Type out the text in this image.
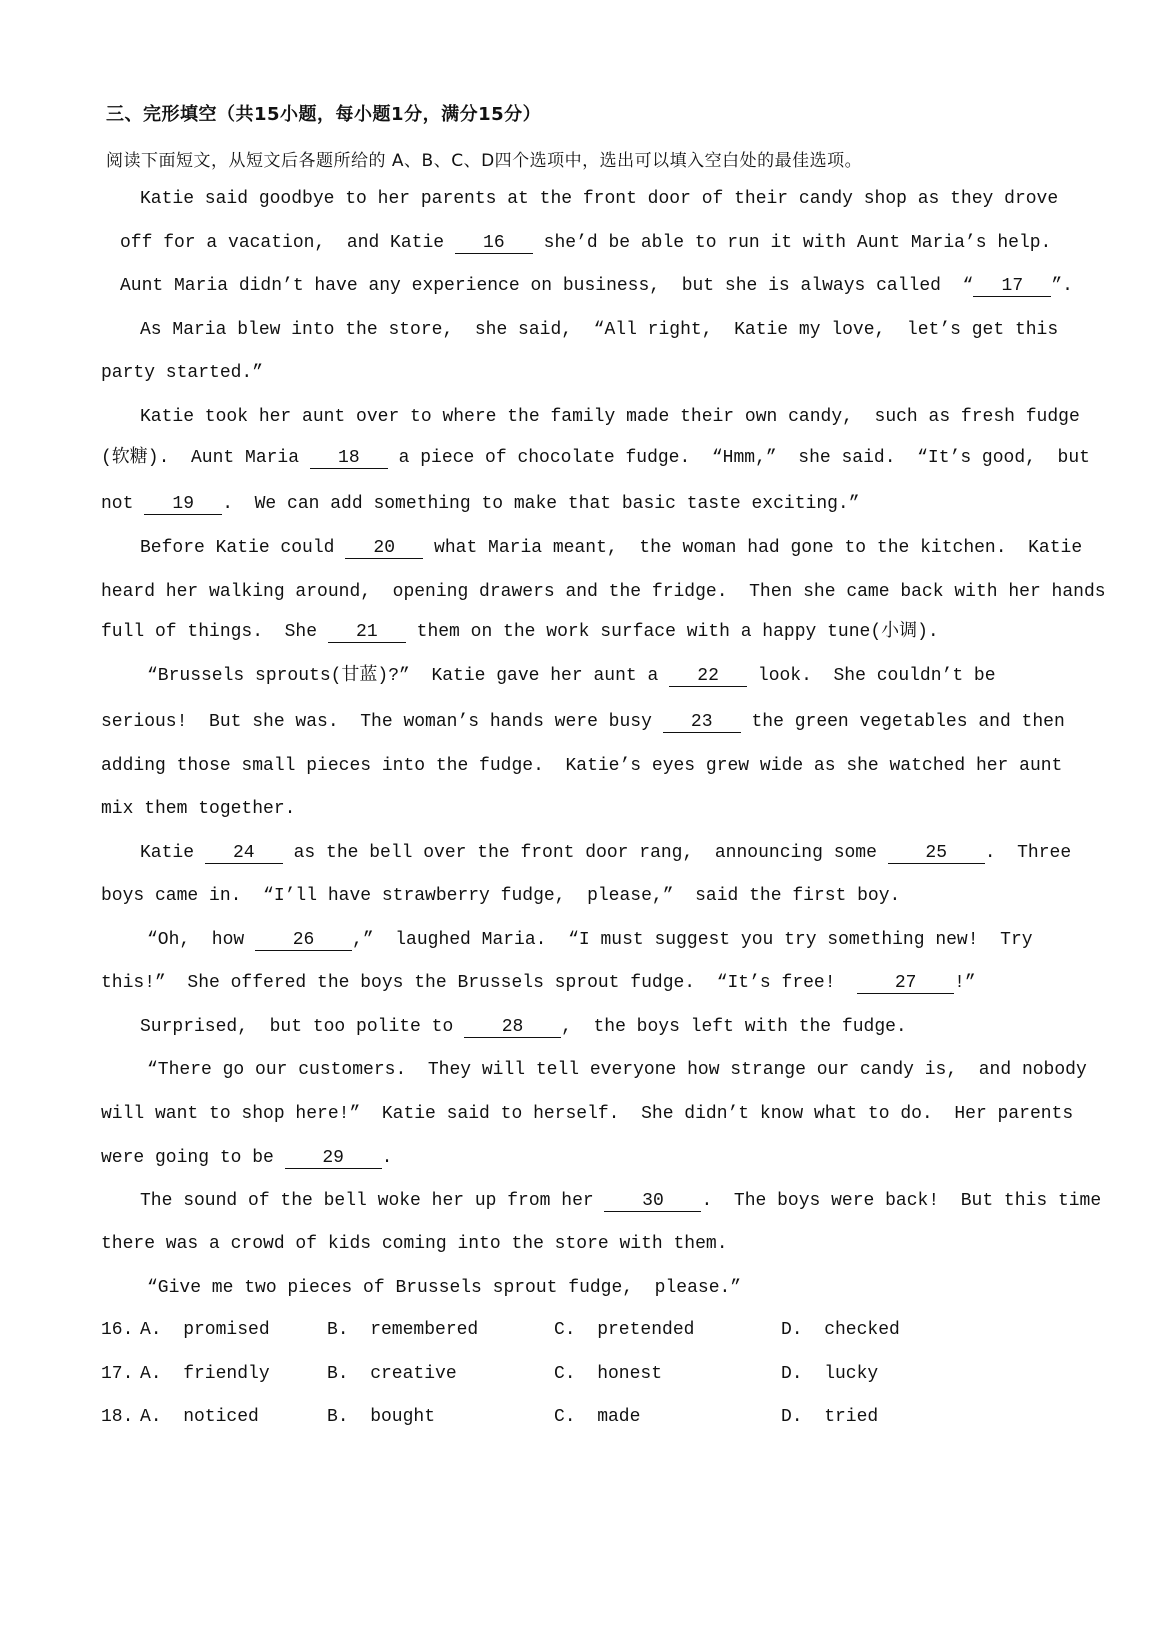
三、完形填空（共15小题，每小题1分，满分15分）
阅读下面短文，从短文后各题所给的 A、B、C、D四个选项中，选出可以填入空白处的最佳选项。
Katie said goodbye to her parents at the front door of their candy shop as they drove
off for a vacation,  and Katie 16 she’d be able to run it with Aunt Maria’s help.
Aunt Maria didn’t have any experience on business,  but she is always called  “ 17 ”.
As Maria blew into the store,  she said,  “All right,  Katie my love,  let’s get this
party started.”
Katie took her aunt over to where the family made their own candy,  such as fresh fudge
(软糖).  Aunt Maria 18 a piece of chocolate fudge.  “Hmm,”  she said.  “It’s good,  but
not 19 .  We can add something to make that basic taste exciting.”
Before Katie could 20 what Maria meant,  the woman had gone to the kitchen.  Katie
heard her walking around,  opening drawers and the fridge.  Then she came back with her hands
full of things.  She 21 them on the work surface with a happy tune(小调).
“Brussels sprouts(甘蓝)?”  Katie gave her aunt a 22 look.  She couldn’t be
serious!  But she was.  The woman’s hands were busy 23 the green vegetables and then
adding those small pieces into the fudge.  Katie’s eyes grew wide as she watched her aunt
mix them together.
Katie 24 as the bell over the front door rang,  announcing some 25 .  Three
boys came in.  “I’ll have strawberry fudge,  please,”  said the first boy.
“Oh,  how 26 ,”  laughed Maria.  “I must suggest you try something new!  Try
this!”  She offered the boys the Brussels sprout fudge.  “It’s free!  27 !”
Surprised,  but too polite to 28 ,  the boys left with the fudge.
“There go our customers.  They will tell everyone how strange our candy is,  and nobody
will want to shop here!”  Katie said to herself.  She didn’t know what to do.  Her parents
were going to be 29 .
The sound of the bell woke her up from her 30 .  The boys were back!  But this time
there was a crowd of kids coming into the store with them.
“Give me two pieces of Brussels sprout fudge,  please.”
16. A.  promised	B.  remembered	C.  pretended	D.  checked
17. A.  friendly	B.  creative	C.  honest	D.  lucky
18. A.  noticed	B.  bought	C.  made	D.  tried
